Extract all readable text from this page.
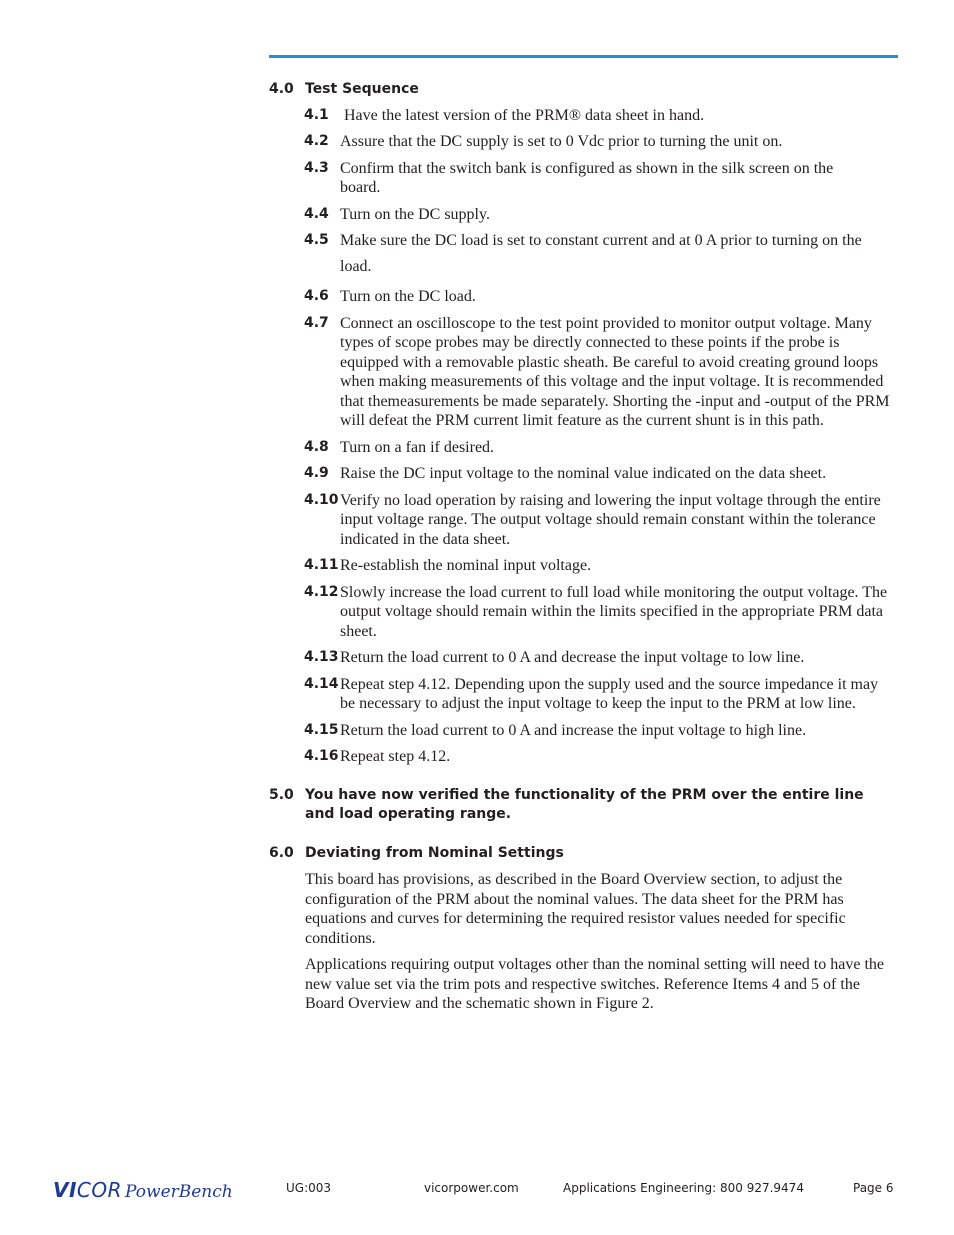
4.0 Test Sequence
4.1 Have the latest version of the PRM® data sheet in hand.
4.2 Assure that the DC supply is set to 0 Vdc prior to turning the unit on.
4.3 Confirm that the switch bank is configured as shown in the silk screen on the board.
4.4 Turn on the DC supply.
4.5 Make sure the DC load is set to constant current and at 0 A prior to turning on the load.
4.6 Turn on the DC load.
4.7 Connect an oscilloscope to the test point provided to monitor output voltage. Many types of scope probes may be directly connected to these points if the probe is equipped with a removable plastic sheath. Be careful to avoid creating ground loops when making measurements of this voltage and the input voltage. It is recommended that themeasurements be made separately. Shorting the -input and -output of the PRM will defeat the PRM current limit feature as the current shunt is in this path.
4.8 Turn on a fan if desired.
4.9 Raise the DC input voltage to the nominal value indicated on the data sheet.
4.10 Verify no load operation by raising and lowering the input voltage through the entire input voltage range. The output voltage should remain constant within the tolerance indicated in the data sheet.
4.11 Re-establish the nominal input voltage.
4.12 Slowly increase the load current to full load while monitoring the output voltage. The output voltage should remain within the limits specified in the appropriate PRM data sheet.
4.13 Return the load current to 0 A and decrease the input voltage to low line.
4.14 Repeat step 4.12. Depending upon the supply used and the source impedance it may be necessary to adjust the input voltage to keep the input to the PRM at low line.
4.15 Return the load current to 0 A and increase the input voltage to high line.
4.16 Repeat step 4.12.
5.0 You have now verified the functionality of the PRM over the entire line and load operating range.
6.0 Deviating from Nominal Settings
This board has provisions, as described in the Board Overview section, to adjust the configuration of the PRM about the nominal values. The data sheet for the PRM has equations and curves for determining the required resistor values needed for specific conditions.
Applications requiring output voltages other than the nominal setting will need to have the new value set via the trim pots and respective switches. Reference Items 4 and 5 of the Board Overview and the schematic shown in Figure 2.
VICOR PowerBench	UG:003	vicorpower.com	Applications Engineering: 800 927.9474	Page 6
